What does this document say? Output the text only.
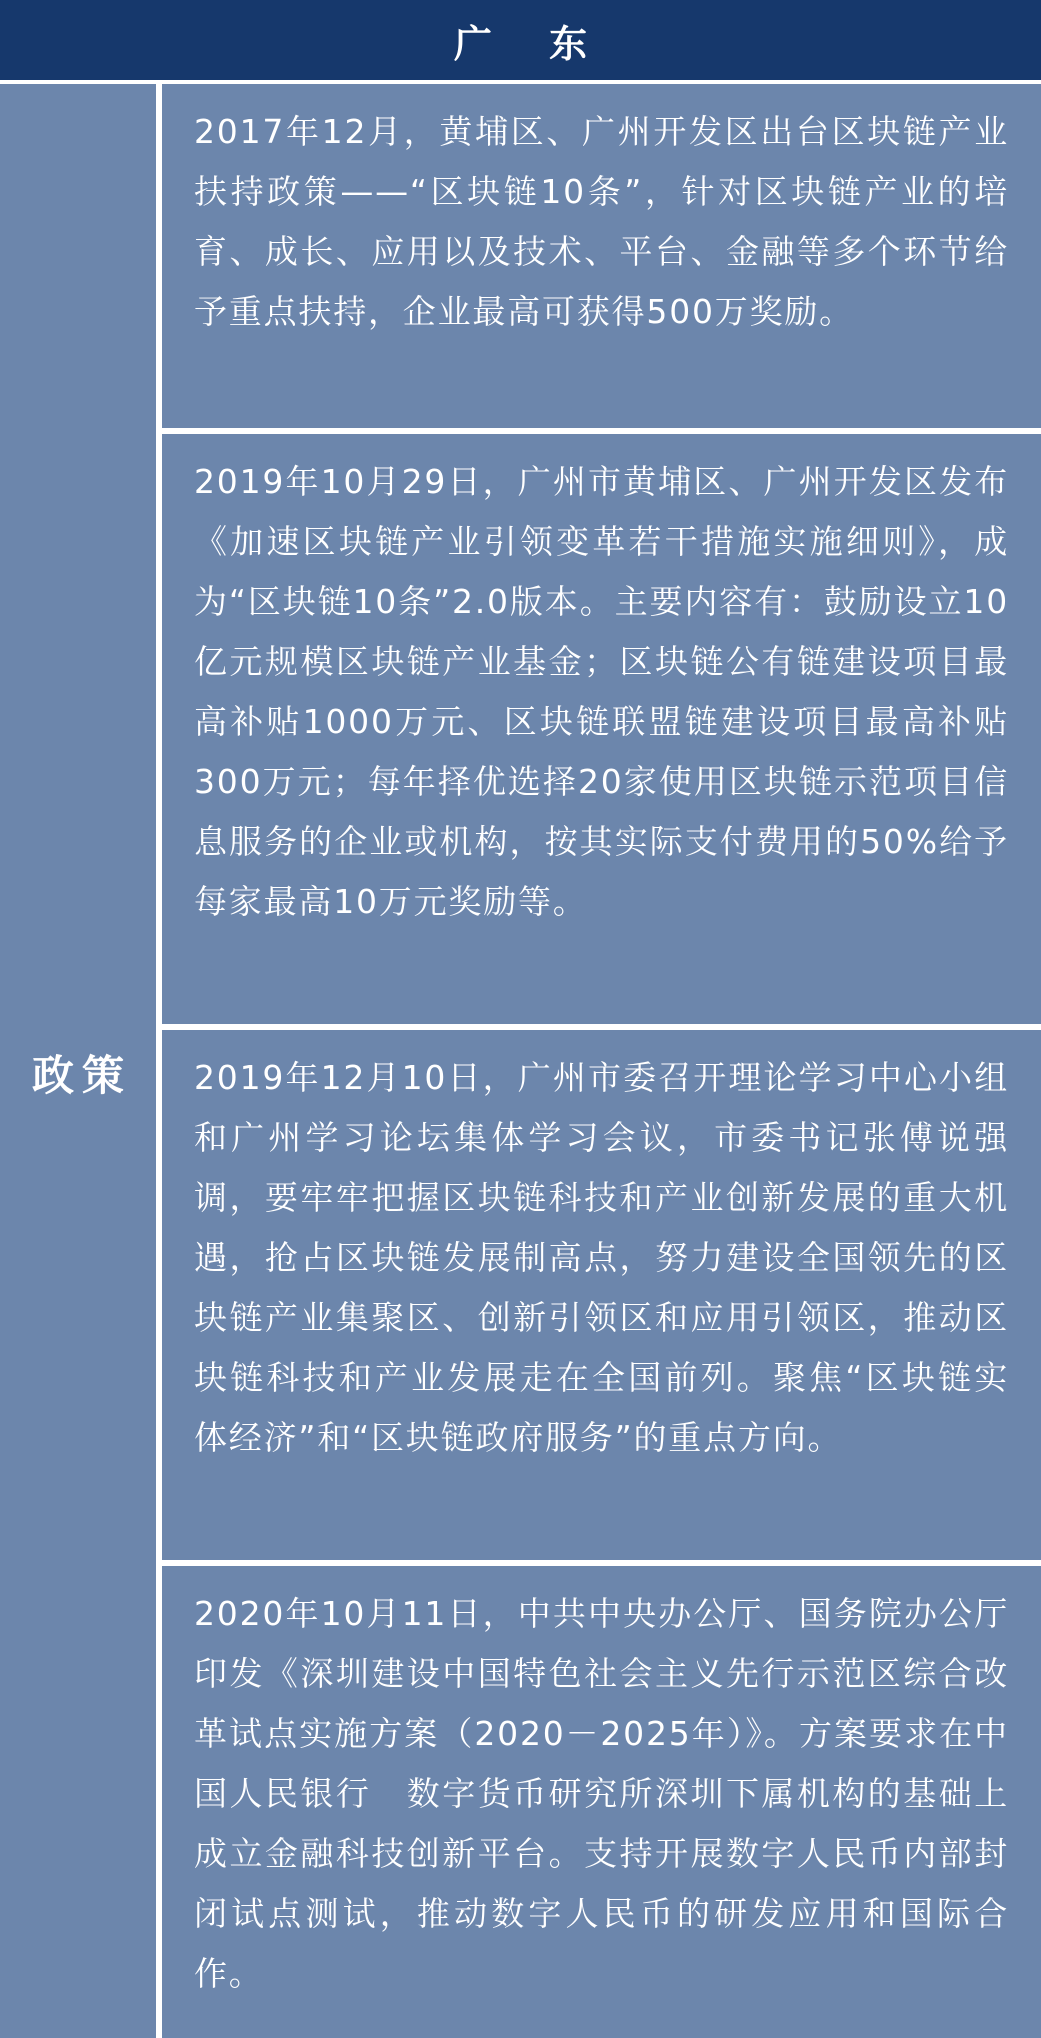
广 东
政策

2017年12月，黄埔区、广州开发区出台区块链产业扶持政策——“区块链10条”，针对区块链产业的培育、成长、应用以及技术、平台、金融等多个环节给予重点扶持，企业最高可获得500万奖励。

2019年10月29日，广州市黄埔区、广州开发区发布《加速区块链产业引领变革若干措施实施细则》，成为“区块链10条”2.0版本。主要内容有：鼓励设立10亿元规模区块链产业基金；区块链公有链建设项目最高补贴1000万元、区块链联盟链建设项目最高补贴300万元；每年择优选择20家使用区块链示范项目信息服务的企业或机构，按其实际支付费用的50%给予每家最高10万元奖励等。

2019年12月10日，广州市委召开理论学习中心小组和广州学习论坛集体学习会议，市委书记张傅说强调，要牢牢把握区块链科技和产业创新发展的重大机遇，抢占区块链发展制高点，努力建设全国领先的区块链产业集聚区、创新引领区和应用引领区，推动区块链科技和产业发展走在全国前列。聚焦“区块链实体经济”和“区块链政府服务”的重点方向。

2020年10月11日，中共中央办公厅、国务院办公厅印发《深圳建设中国特色社会主义先行示范区综合改革试点实施方案（2020－2025年）》。方案要求在中国人民银行　数字货币研究所深圳下属机构的基础上成立金融科技创新平台。支持开展数字人民币内部封闭试点测试，推动数字人民币的研发应用和国际合作。
